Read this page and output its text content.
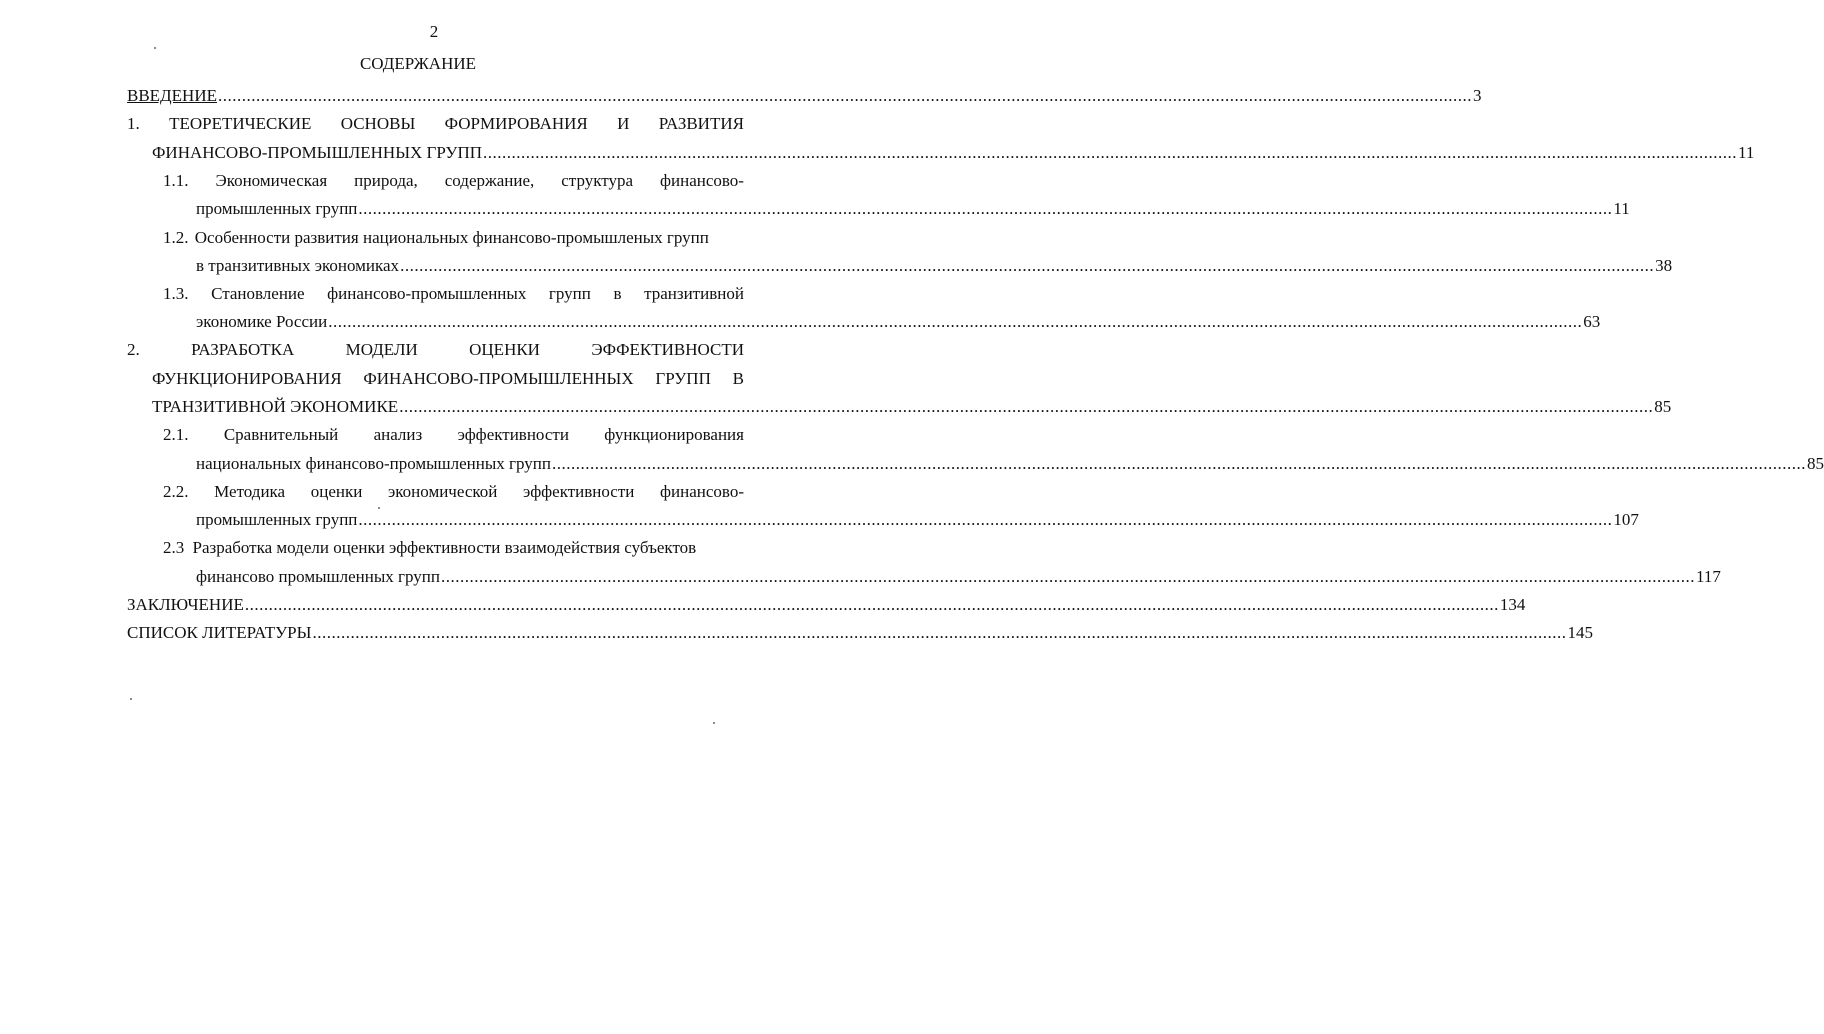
2
СОДЕРЖАНИЕ
ВВЕДЕНИЕ ........................................................................................................................................................................................................................................................................ 3
1. ТЕОРЕТИЧЕСКИЕ ОСНОВЫ ФОРМИРОВАНИЯ И РАЗВИТИЯ
ФИНАНСОВО-ПРОМЫШЛЕННЫХ ГРУПП ........................................................................................................................................................................................................................................................................ 11
1.1. Экономическая природа, содержание, структура финансово-
промышленных групп ........................................................................................................................................................................................................................................................................ 11
1.2. Особенности развития национальных финансово-промышленых групп
в транзитивных экономиках ........................................................................................................................................................................................................................................................................ 38
1.3. Становление финансово-промышленных групп в транзитивной
экономике России ........................................................................................................................................................................................................................................................................ 63
2.	РАЗРАБОТКА	МОДЕЛИ	ОЦЕНКИ	ЭФФЕКТИВНОСТИ
ФУНКЦИОНИРОВАНИЯ ФИНАНСОВО-ПРОМЫШЛЕННЫХ ГРУПП В
ТРАНЗИТИВНОЙ ЭКОНОМИКЕ ........................................................................................................................................................................................................................................................................ 85
2.1. Сравнительный анализ эффективности функционирования
национальных финансово-промышленных групп ........................................................................................................................................................................................................................................................................ 85
2.2. Методика оценки экономической эффективности финансово-
промышленных групп ........................................................................................................................................................................................................................................................................ 107
2.3 Разработка модели оценки эффективности взаимодействия субъектов
финансово промышленных групп ........................................................................................................................................................................................................................................................................ 117
ЗАКЛЮЧЕНИЕ ........................................................................................................................................................................................................................................................................ 134
СПИСОК ЛИТЕРАТУРЫ ........................................................................................................................................................................................................................................................................ 145
